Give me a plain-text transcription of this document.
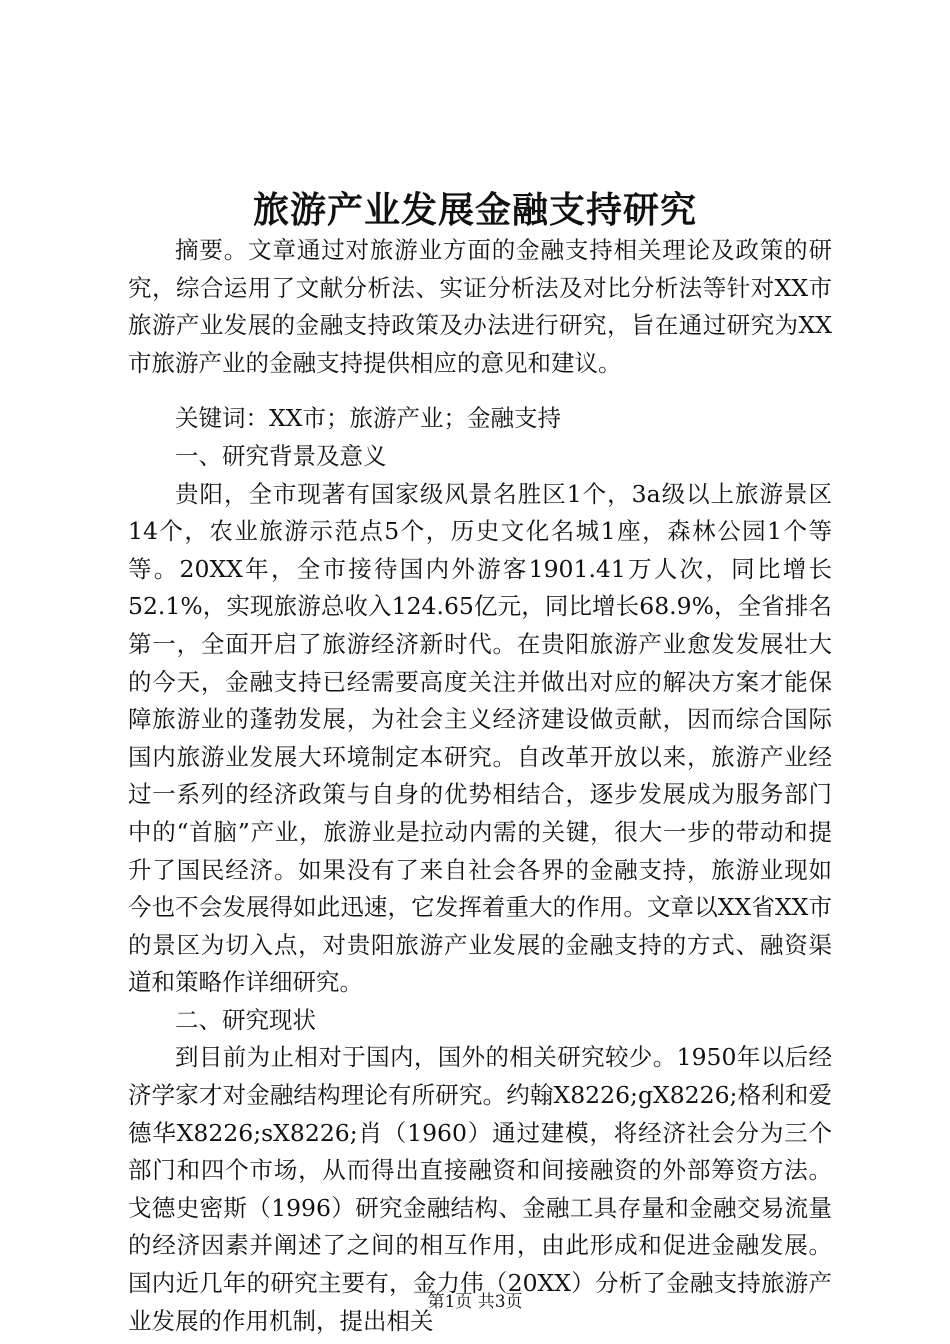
旅游产业发展金融支持研究

摘要。文章通过对旅游业方面的金融支持相关理论及政策的研究，综合运用了文献分析法、实证分析法及对比分析法等针对XX市旅游产业发展的金融支持政策及办法进行研究，旨在通过研究为XX市旅游产业的金融支持提供相应的意见和建议。

关键词：XX市；旅游产业；金融支持

一、研究背景及意义

贵阳，全市现著有国家级风景名胜区1个，3a级以上旅游景区14个，农业旅游示范点5个，历史文化名城1座，森林公园1个等等。20XX年，全市接待国内外游客1901.41万人次，同比增长52.1%，实现旅游总收入124.65亿元，同比增长68.9%，全省排名第一，全面开启了旅游经济新时代。在贵阳旅游产业愈发发展壮大的今天，金融支持已经需要高度关注并做出对应的解决方案才能保障旅游业的蓬勃发展，为社会主义经济建设做贡献，因而综合国际国内旅游业发展大环境制定本研究。自改革开放以来，旅游产业经过一系列的经济政策与自身的优势相结合，逐步发展成为服务部门中的“首脑”产业，旅游业是拉动内需的关键，很大一步的带动和提升了国民经济。如果没有了来自社会各界的金融支持，旅游业现如今也不会发展得如此迅速，它发挥着重大的作用。文章以XX省XX市的景区为切入点，对贵阳旅游产业发展的金融支持的方式、融资渠道和策略作详细研究。

二、研究现状

到目前为止相对于国内，国外的相关研究较少。1950年以后经济学家才对金融结构理论有所研究。约翰X8226;gX8226;格利和爱德华X8226;sX8226;肖（1960）通过建模，将经济社会分为三个部门和四个市场，从而得出直接融资和间接融资的外部筹资方法。戈德史密斯（1996）研究金融结构、金融工具存量和金融交易流量的经济因素并阐述了之间的相互作用，由此形成和促进金融发展。国内近几年的研究主要有，金力伟（20XX）分析了金融支持旅游产业发展的作用机制，提出相关

第1页 共3页
